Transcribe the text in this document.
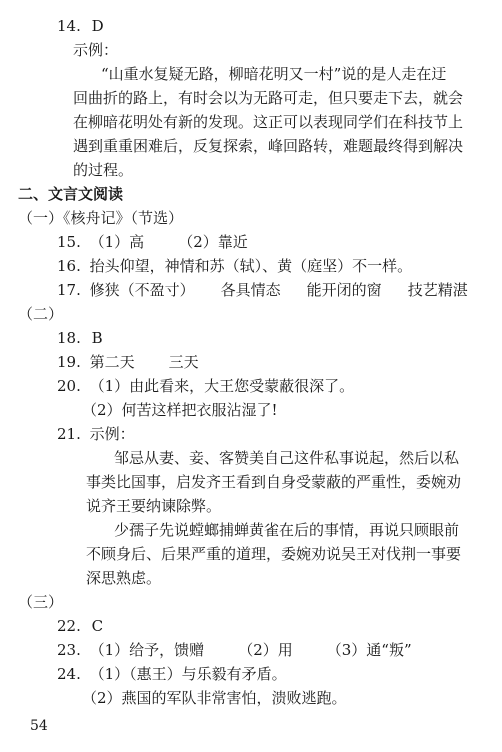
14. D
示例：
“山重水复疑无路，柳暗花明又一村”说的是人走在迂
回曲折的路上，有时会以为无路可走，但只要走下去，就会
在柳暗花明处有新的发现。这正可以表现同学们在科技节上
遇到重重困难后，反复探索，峰回路转，难题最终得到解决
的过程。
二、文言文阅读
（一）《核舟记》（节选）
15. （1）高 （2）靠近
16. 抬头仰望，神情和苏（轼）、黄（庭坚）不一样。
17. 修狭（不盈寸） 各具情态 能开闭的窗 技艺精湛
（二）
18. B
19. 第二天 三天
20. （1）由此看来，大王您受蒙蔽很深了。
（2）何苦这样把衣服沾湿了!
21. 示例：
邹忌从妻、妾、客赞美自己这件私事说起，然后以私
事类比国事，启发齐王看到自身受蒙蔽的严重性，委婉劝
说齐王要纳谏除弊。
少孺子先说螳螂捕蝉黄雀在后的事情，再说只顾眼前
不顾身后、后果严重的道理，委婉劝说吴王对伐荆一事要
深思熟虑。
（三）
22. C
23. （1）给予，馈赠 （2）用 （3）通“叛”
24. （1）（惠王）与乐毅有矛盾。
（2）燕国的军队非常害怕，溃败逃跑。
54
